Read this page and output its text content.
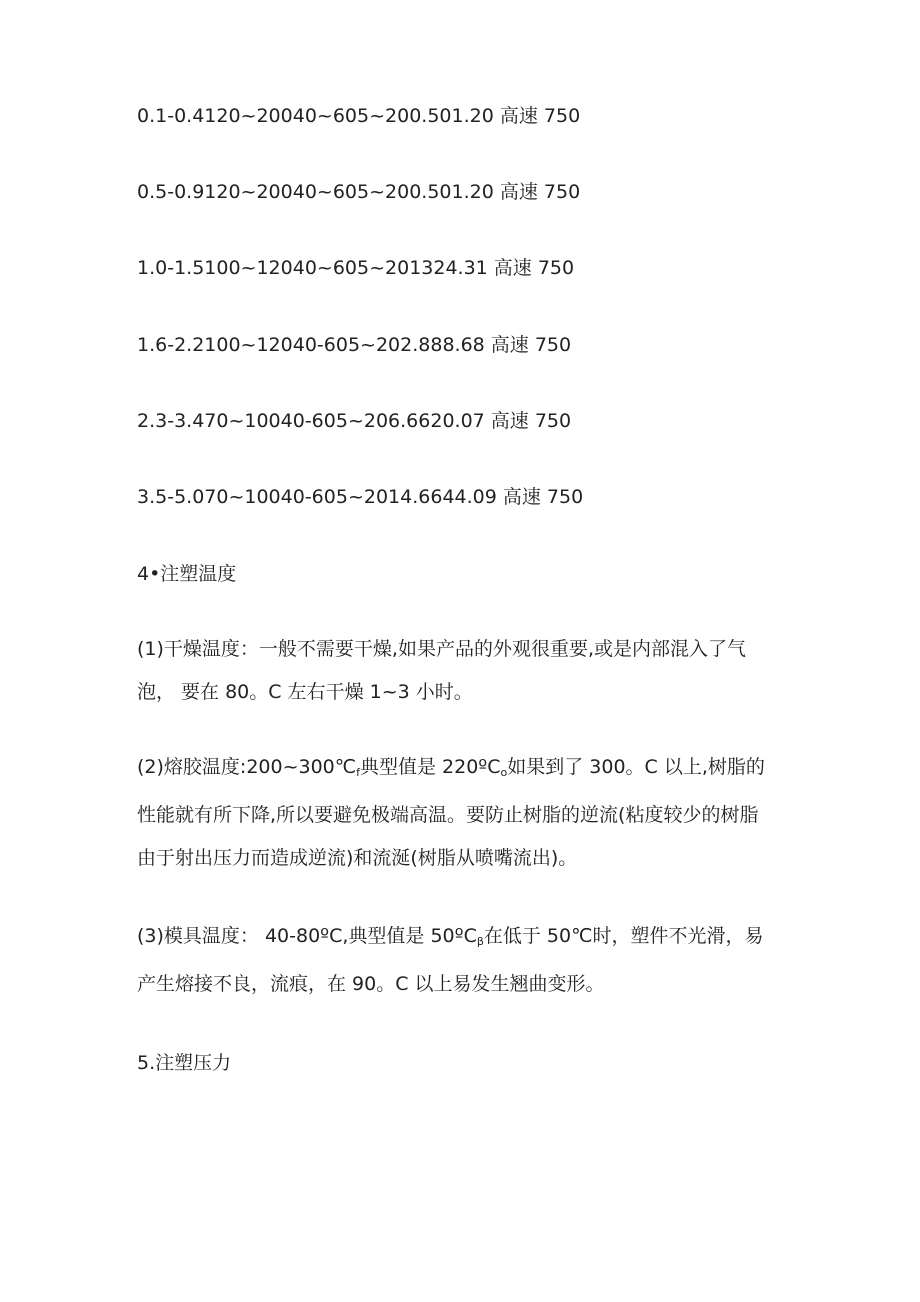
0.1-0.4120~20040~605~200.501.20 高速 750
0.5-0.9120~20040~605~200.501.20 高速 750
1.0-1.5100~12040~605~201324.31 高速 750
1.6-2.2100~12040-605~202.888.68 高速 750
2.3-3.470~10040-605~206.6620.07 高速 750
3.5-5.070~10040-605~2014.6644.09 高速 750
4•注塑温度
(1)干燥温度：一般不需要干燥,如果产品的外观很重要,或是内部混入了气
泡， 要在 80。C 左右干燥 1~3 小时。
(2)熔胶温度$:200\sim 300℃_f$典型值是 220ºC$_o$如果到了 300。C 以上,树脂的
性能就有所下降,所以要避免极端高温。要防止树脂的逆流(粘度较少的树脂
由于射出压力而造成逆流)和流涎(树脂从喷嘴流出)。
(3)模具温度： 40-80ºC,典型值是 50ºC$_\beta$在低于 50℃时，塑件不光滑，易
产生熔接不良，流痕，在 90。C 以上易发生翘曲变形。
5.注塑压力
